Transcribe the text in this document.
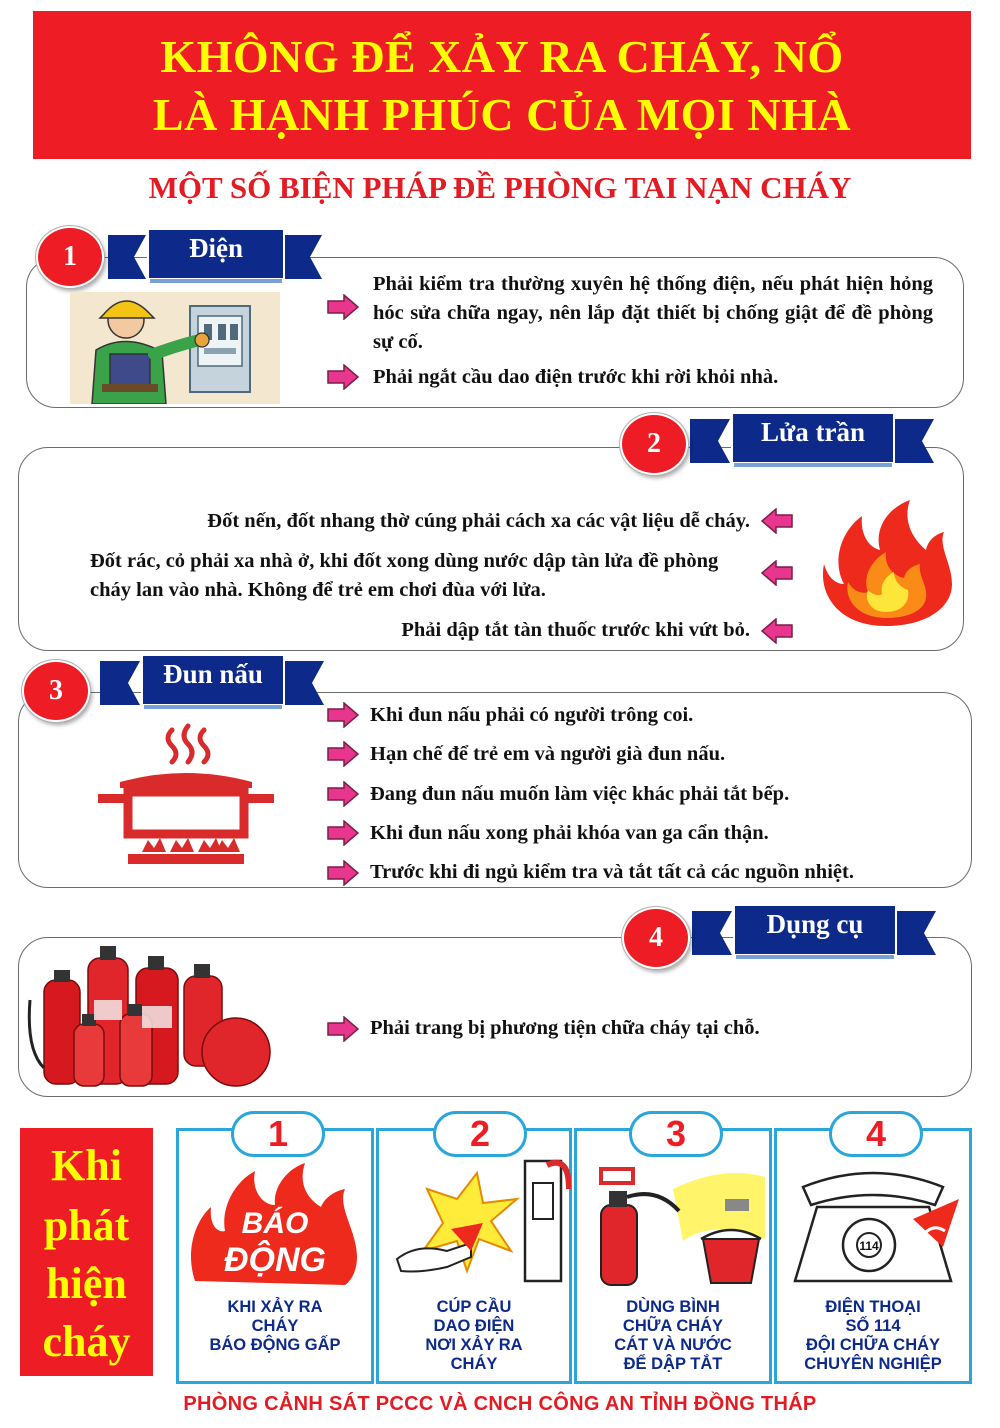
KHÔNG ĐỂ XẢY RA CHÁY, NỔ
LÀ HẠNH PHÚC CỦA MỌI NHÀ
MỘT SỐ BIỆN PHÁP ĐỀ PHÒNG TAI NẠN CHÁY
Điện
1
Phải kiểm tra thường xuyên hệ thống điện, nếu phát hiện hỏng hóc sửa chữa ngay, nên lắp đặt thiết bị chống giật để đề phòng sự cố.
Phải ngắt cầu dao điện trước khi rời khỏi nhà.
Lửa trần
2
Đốt nến, đốt nhang thờ cúng phải cách xa các vật liệu dễ cháy.
Đốt rác, cỏ phải xa nhà ở, khi đốt xong dùng nước dập tàn lửa đề phòng cháy lan vào nhà. Không để trẻ em chơi đùa với lửa.
Phải dập tắt tàn thuốc trước khi vứt bỏ.
Đun nấu
3
Khi đun nấu phải có người trông coi.
Hạn chế để trẻ em và người già đun nấu.
Đang đun nấu muốn làm việc khác phải tắt bếp.
Khi đun nấu xong phải khóa van ga cẩn thận.
Trước khi đi ngủ kiểm tra và tắt tất cả các nguồn nhiệt.
Dụng cụ
4
Phải trang bị phương tiện chữa cháy tại chỗ.
Khi
phát
hiện
cháy
1
BÁO
ĐỘNG
KHI XẢY RA
CHÁY
BÁO ĐỘNG GẤP
2
CÚP CẦU
DAO ĐIỆN
NƠI XẢY RA
CHÁY
3
DÙNG BÌNH
CHỮA CHÁY
CÁT VÀ NƯỚC
ĐỂ DẬP TẮT
4
114
ĐIỆN THOẠI
SỐ 114
ĐỘI CHỮA CHÁY
CHUYÊN NGHIỆP
PHÒNG CẢNH SÁT PCCC VÀ CNCH CÔNG AN TỈNH ĐỒNG THÁP
